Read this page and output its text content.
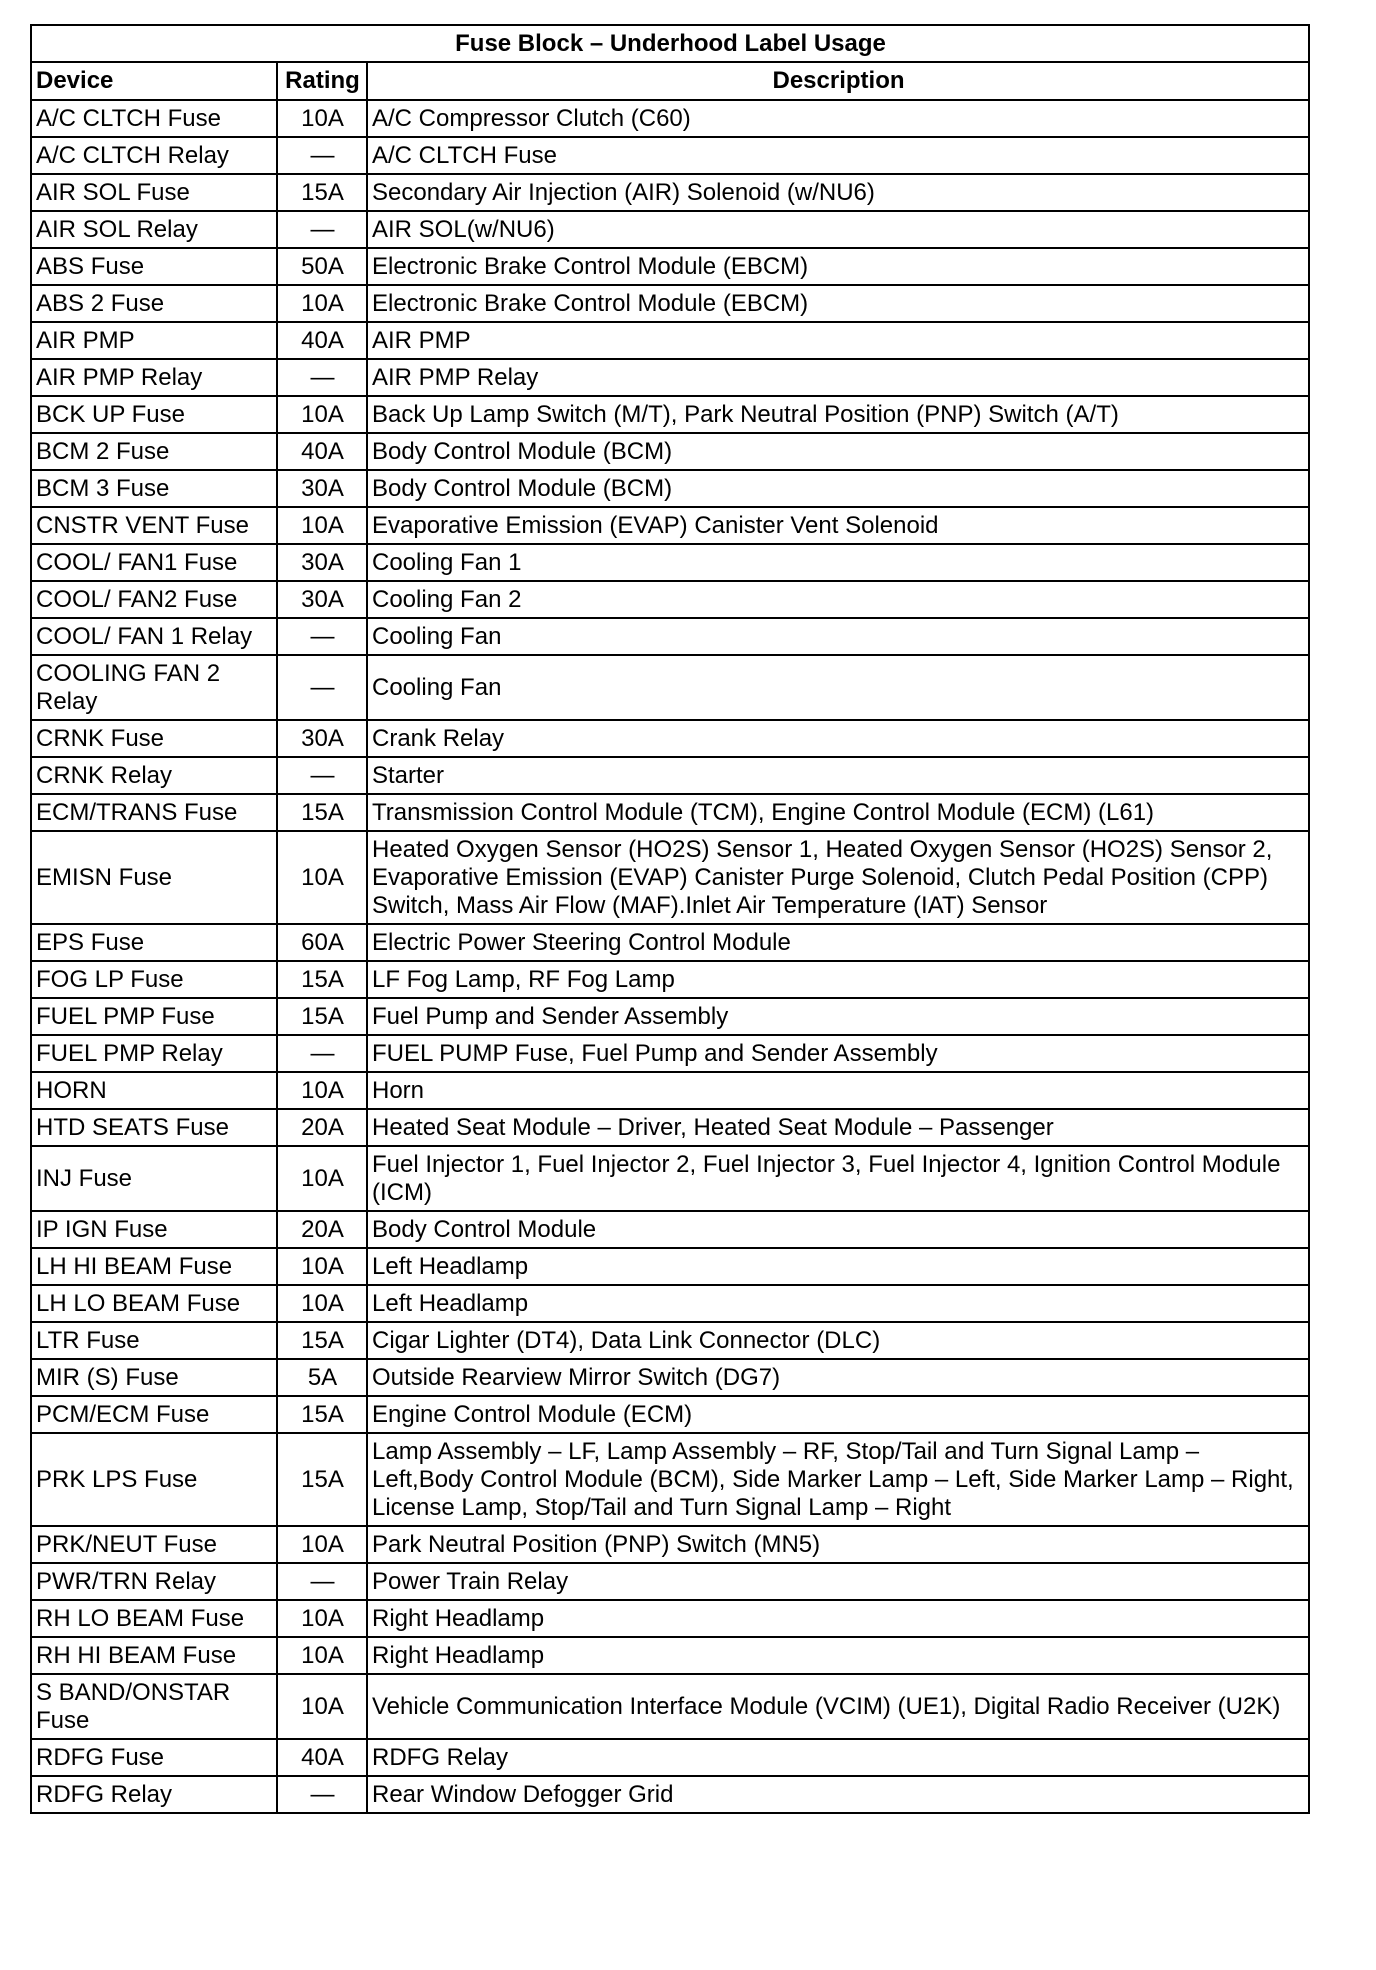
Fuse Block – Underhood Label Usage		
Device	Rating	Description
A/C CLTCH Fuse	10A	A/C Compressor Clutch (C60)
A/C CLTCH Relay	—	A/C CLTCH Fuse
AIR SOL Fuse	15A	Secondary Air Injection (AIR) Solenoid (w/NU6)
AIR SOL Relay	—	AIR SOL(w/NU6)
ABS Fuse	50A	Electronic Brake Control Module (EBCM)
ABS 2 Fuse	10A	Electronic Brake Control Module (EBCM)
AIR PMP	40A	AIR PMP
AIR PMP Relay	—	AIR PMP Relay
BCK UP Fuse	10A	Back Up Lamp Switch (M/T), Park Neutral Position (PNP) Switch (A/T)
BCM 2 Fuse	40A	Body Control Module (BCM)
BCM 3 Fuse	30A	Body Control Module (BCM)
CNSTR VENT Fuse	10A	Evaporative Emission (EVAP) Canister Vent Solenoid
COOL/ FAN1 Fuse	30A	Cooling Fan 1
COOL/ FAN2 Fuse	30A	Cooling Fan 2
COOL/ FAN 1 Relay	—	Cooling Fan
COOLING FAN 2 Relay	—	Cooling Fan
CRNK Fuse	30A	Crank Relay
CRNK Relay	—	Starter
ECM/TRANS Fuse	15A	Transmission Control Module (TCM), Engine Control Module (ECM) (L61)
EMISN Fuse	10A	Heated Oxygen Sensor (HO2S) Sensor 1, Heated Oxygen Sensor (HO2S) Sensor 2, Evaporative Emission (EVAP) Canister Purge Solenoid, Clutch Pedal Position (CPP) Switch, Mass Air Flow (MAF).Inlet Air Temperature (IAT) Sensor
EPS Fuse	60A	Electric Power Steering Control Module
FOG LP Fuse	15A	LF Fog Lamp, RF Fog Lamp
FUEL PMP Fuse	15A	Fuel Pump and Sender Assembly
FUEL PMP Relay	—	FUEL PUMP Fuse, Fuel Pump and Sender Assembly
HORN	10A	Horn
HTD SEATS Fuse	20A	Heated Seat Module – Driver, Heated Seat Module – Passenger
INJ Fuse	10A	Fuel Injector 1, Fuel Injector 2, Fuel Injector 3, Fuel Injector 4, Ignition Control Module (ICM)
IP IGN Fuse	20A	Body Control Module
LH HI BEAM Fuse	10A	Left Headlamp
LH LO BEAM Fuse	10A	Left Headlamp
LTR Fuse	15A	Cigar Lighter (DT4), Data Link Connector (DLC)
MIR (S) Fuse	5A	Outside Rearview Mirror Switch (DG7)
PCM/ECM Fuse	15A	Engine Control Module (ECM)
PRK LPS Fuse	15A	Lamp Assembly – LF, Lamp Assembly – RF, Stop/Tail and Turn Signal Lamp – Left,Body Control Module (BCM), Side Marker Lamp – Left, Side Marker Lamp – Right, License Lamp, Stop/Tail and Turn Signal Lamp – Right
PRK/NEUT Fuse	10A	Park Neutral Position (PNP) Switch (MN5)
PWR/TRN Relay	—	Power Train Relay
RH LO BEAM Fuse	10A	Right Headlamp
RH HI BEAM Fuse	10A	Right Headlamp
S BAND/ONSTAR Fuse	10A	Vehicle Communication Interface Module (VCIM) (UE1), Digital Radio Receiver (U2K)
RDFG Fuse	40A	RDFG Relay
RDFG Relay	—	Rear Window Defogger Grid
